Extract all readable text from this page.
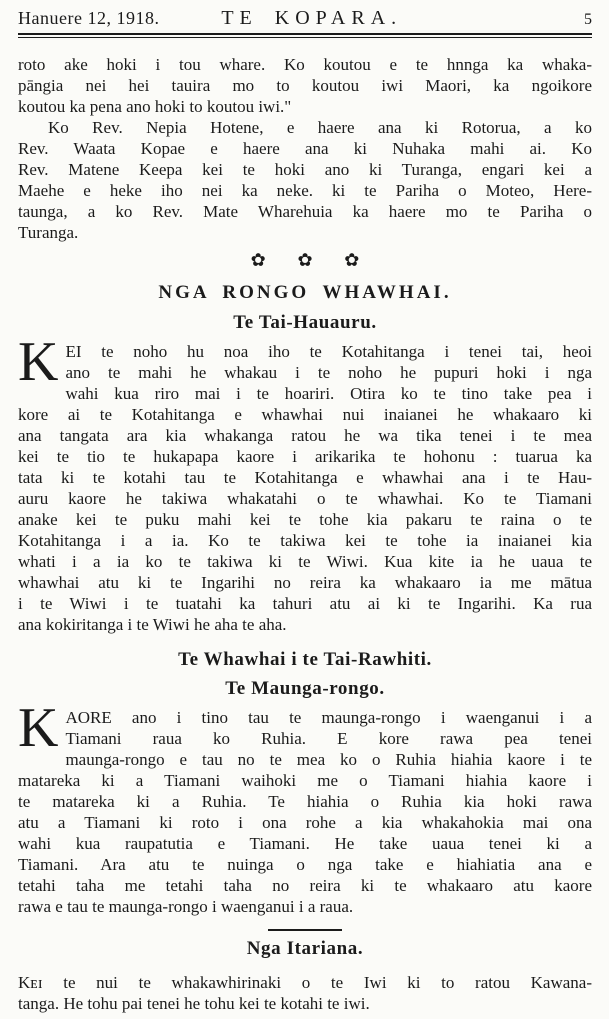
Hanuere 12, 1918.	TE KOPARA.	5
roto ake hoki i tou whare. Ko koutou e te hnnga ka whaka-
pāngia nei hei tauira mo to koutou iwi Maori, ka ngoikore
koutou ka pena ano hoki to koutou iwi."
Ko Rev. Nepia Hotene, e haere ana ki Rotorua, a ko
Rev. Waata Kopae e haere ana ki Nuhaka mahi ai. Ko
Rev. Matene Keepa kei te hoki ano ki Turanga, engari kei a
Maehe e heke iho nei ka neke. ki te Pariha o Moteo, Here-
taunga, a ko Rev. Mate Wharehuia ka haere mo te Pariha o
Turanga.
✿ ✿ ✿
NGA RONGO WHAWHAI.
Te Tai-Hauauru.
K EI te noho hu noa iho te Kotahitanga i tenei tai, heoi
ano te mahi he whakau i te noho he pupuri hoki i nga
wahi kua riro mai i te hoariri. Otira ko te tino take pea i
kore ai te Kotahitanga e whawhai nui inaianei he whakaaro ki
ana tangata ara kia whakanga ratou he wa tika tenei i te mea
kei te tio te hukapapa kaore i arikarika te hohonu : tuarua ka
tata ki te kotahi tau te Kotahitanga e whawhai ana i te Hau-
auru kaore he takiwa whakatahi o te whawhai. Ko te Tiamani
anake kei te puku mahi kei te tohe kia pakaru te raina o te
Kotahitanga i a ia. Ko te takiwa kei te tohe ia inaianei kia
whati i a ia ko te takiwa ki te Wiwi. Kua kite ia he uaua te
whawhai atu ki te Ingarihi no reira ka whakaaro ia me mātua
i te Wiwi i te tuatahi ka tahuri atu ai ki te Ingarihi. Ka rua
ana kokiritanga i te Wiwi he aha te aha.
Te Whawhai i te Tai-Rawhiti.
Te Maunga-rongo.
K AORE ano i tino tau te maunga-rongo i waenganui i a
Tiamani raua ko Ruhia. E kore rawa pea tenei
maunga-rongo e tau no te mea ko o Ruhia hiahia kaore i te
matareka ki a Tiamani waihoki me o Tiamani hiahia kaore i
te matareka ki a Ruhia. Te hiahia o Ruhia kia hoki rawa
atu a Tiamani ki roto i ona rohe a kia whakahokia mai ona
wahi kua raupatutia e Tiamani. He take uaua tenei ki a
Tiamani. Ara atu te nuinga o nga take e hiahiatia ana e
tetahi taha me tetahi taha no reira ki te whakaaro atu kaore
rawa e tau te maunga-rongo i waenganui i a raua.
Nga Itariana.
Kᴇɪ te nui te whakawhirinaki o te Iwi ki to ratou Kawana-
tanga. He tohu pai tenei he tohu kei te kotahi te iwi.
